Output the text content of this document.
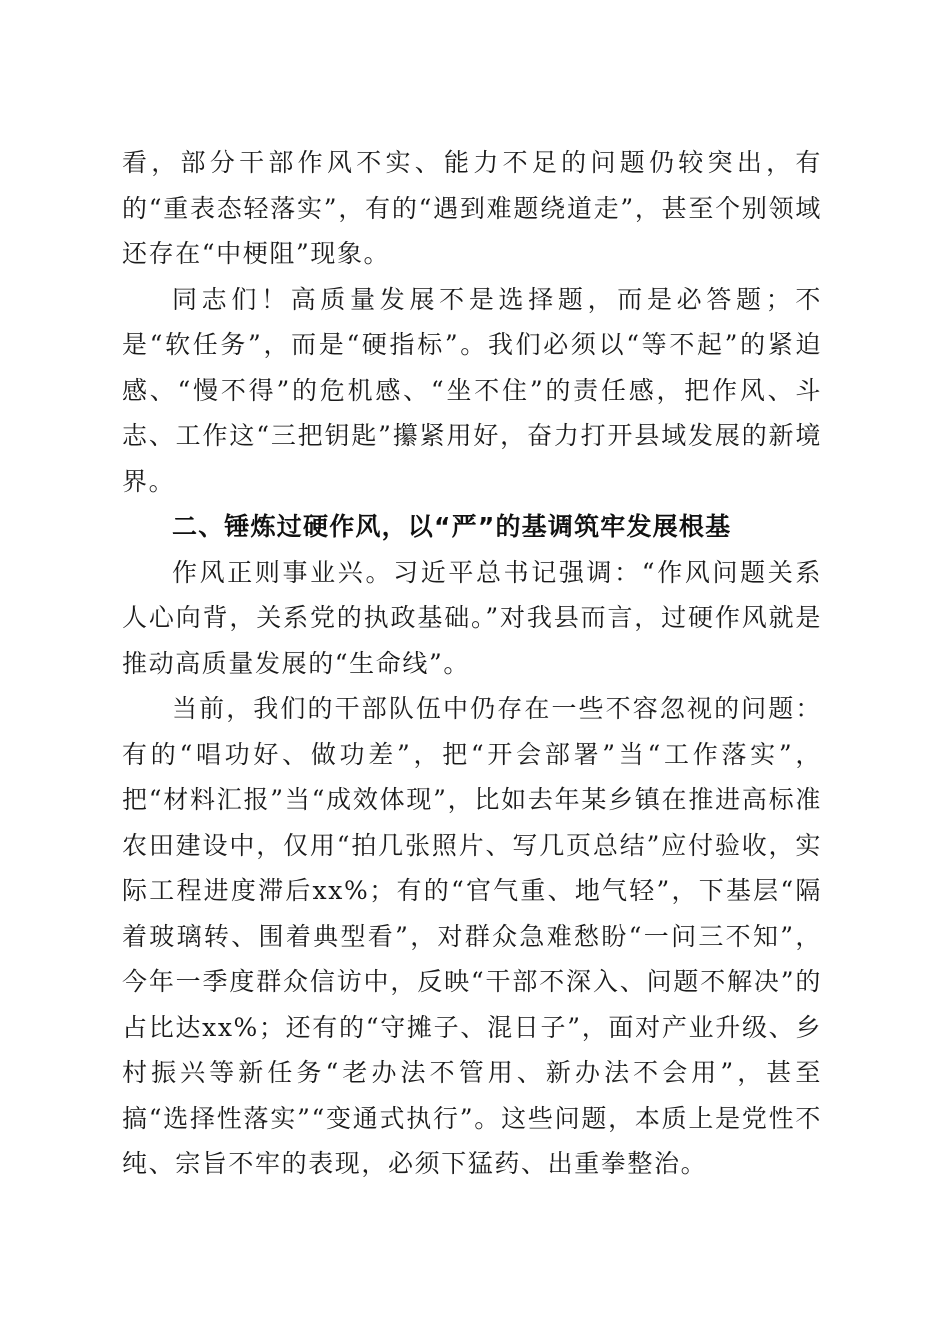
看，部分干部作风不实、能力不足的问题仍较突出，有的“重表态轻落实”，有的“遇到难题绕道走”，甚至个别领域还存在“中梗阻”现象。

同志们！高质量发展不是选择题，而是必答题；不是“软任务”，而是“硬指标”。我们必须以“等不起”的紧迫感、“慢不得”的危机感、“坐不住”的责任感，把作风、斗志、工作这“三把钥匙”攥紧用好，奋力打开县域发展的新境界。

二、锤炼过硬作风，以“严”的基调筑牢发展根基

作风正则事业兴。习近平总书记强调：“作风问题关系人心向背，关系党的执政基础。”对我县而言，过硬作风就是推动高质量发展的“生命线”。

当前，我们的干部队伍中仍存在一些不容忽视的问题：有的“唱功好、做功差”，把“开会部署”当“工作落实”，把“材料汇报”当“成效体现”，比如去年某乡镇在推进高标准农田建设中，仅用“拍几张照片、写几页总结”应付验收，实际工程进度滞后xx%；有的“官气重、地气轻”，下基层“隔着玻璃转、围着典型看”，对群众急难愁盼“一问三不知”，今年一季度群众信访中，反映“干部不深入、问题不解决”的占比达xx%；还有的“守摊子、混日子”，面对产业升级、乡村振兴等新任务“老办法不管用、新办法不会用”，甚至搞“选择性落实”“变通式执行”。这些问题，本质上是党性不纯、宗旨不牢的表现，必须下猛药、出重拳整治。
